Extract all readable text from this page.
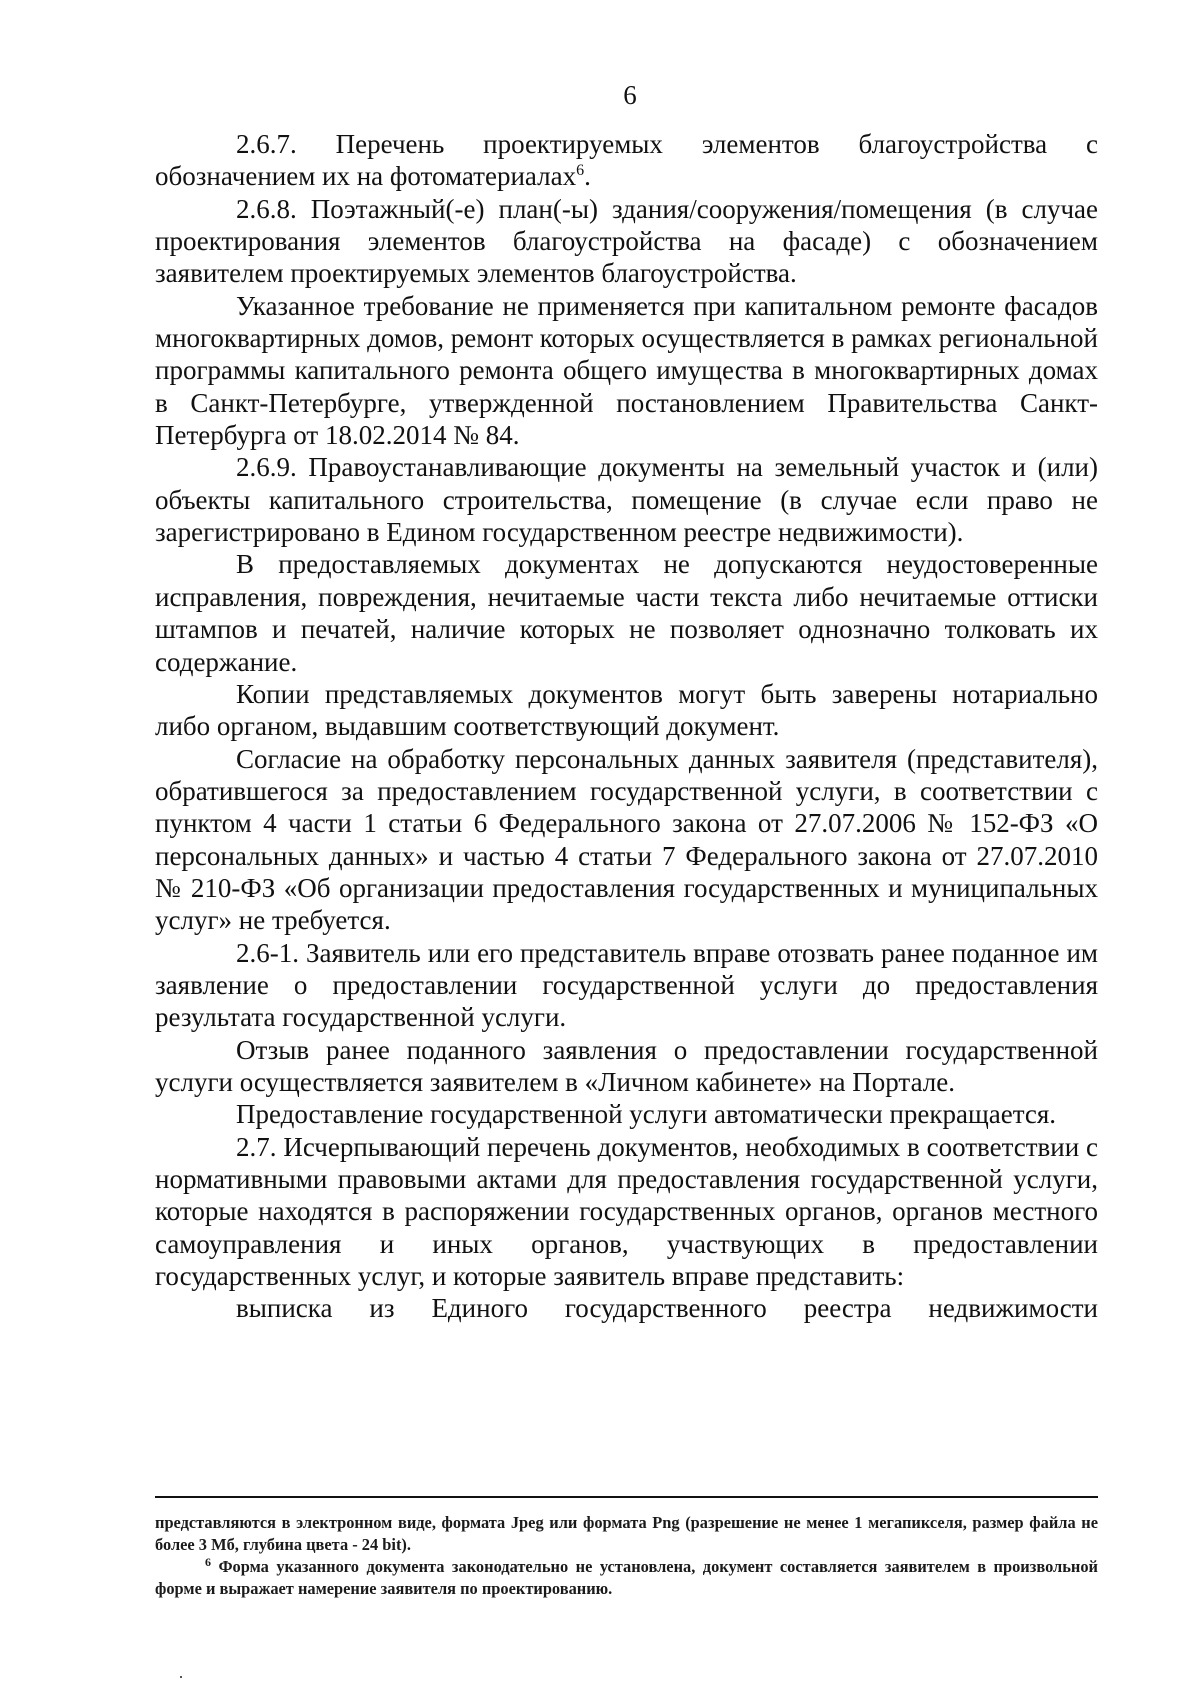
6

2.6.7. Перечень проектируемых элементов благоустройства с обозначением их на фотоматериалах$^6$.

2.6.8. Поэтажный(-е) план(-ы) здания/сооружения/помещения (в случае проектирования элементов благоустройства на фасаде) с обозначением заявителем проектируемых элементов благоустройства.

Указанное требование не применяется при капитальном ремонте фасадов многоквартирных домов, ремонт которых осуществляется в рамках региональной программы капитального ремонта общего имущества в многоквартирных домах в Санкт-Петербурге, утвержденной постановлением Правительства Санкт-Петербурга от 18.02.2014 № 84.

2.6.9. Правоустанавливающие документы на земельный участок и (или) объекты капитального строительства, помещение (в случае если право не зарегистрировано в Едином государственном реестре недвижимости).

В предоставляемых документах не допускаются неудостоверенные исправления, повреждения, нечитаемые части текста либо нечитаемые оттиски штампов и печатей, наличие которых не позволяет однозначно толковать их содержание.

Копии представляемых документов могут быть заверены нотариально либо органом, выдавшим соответствующий документ.

Согласие на обработку персональных данных заявителя (представителя), обратившегося за предоставлением государственной услуги, в соответствии с пунктом 4 части 1 статьи 6 Федерального закона от 27.07.2006 № 152-ФЗ «О персональных данных» и частью 4 статьи 7 Федерального закона от 27.07.2010 № 210-ФЗ «Об организации предоставления государственных и муниципальных услуг» не требуется.

2.6-1. Заявитель или его представитель вправе отозвать ранее поданное им заявление о предоставлении государственной услуги до предоставления результата государственной услуги.

Отзыв ранее поданного заявления о предоставлении государственной услуги осуществляется заявителем в «Личном кабинете» на Портале.

Предоставление государственной услуги автоматически прекращается.

2.7. Исчерпывающий перечень документов, необходимых в соответствии с нормативными правовыми актами для предоставления государственной услуги, которые находятся в распоряжении государственных органов, органов местного самоуправления и иных органов, участвующих в предоставлении государственных услуг, и которые заявитель вправе представить:

выписка из Единого государственного реестра недвижимости

представляются в электронном виде, формата Jpeg или формата Png (разрешение не менее 1 мегапикселя, размер файла не более 3 Мб, глубина цвета - 24 bit).

$^6$ Форма указанного документа законодательно не установлена, документ составляется заявителем в произвольной форме и выражает намерение заявителя по проектированию.
